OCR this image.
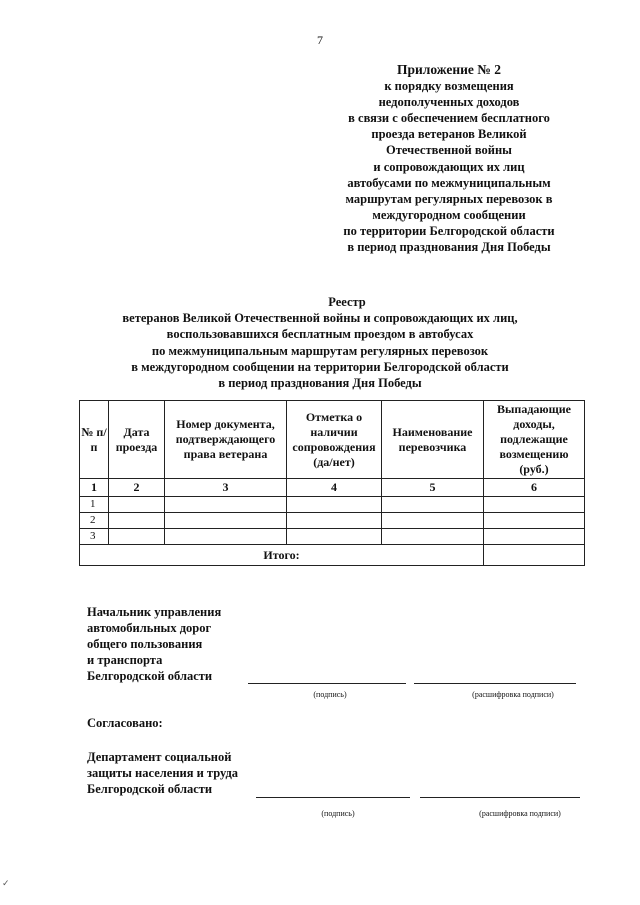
7
Приложение № 2
к порядку возмещения
недополученных доходов
в связи с обеспечением бесплатного
проезда ветеранов Великой
Отечественной войны
и сопровождающих их лиц
автобусами по межмуниципальным
маршрутам регулярных перевозок в
междугородном сообщении
по территории Белгородской области
в период празднования Дня Победы
Реестр
ветеранов Великой Отечественной войны и сопровождающих их лиц,
воспользовавшихся бесплатным проездом в автобусах
по межмуниципальным маршрутам регулярных перевозок
в междугородном сообщении на территории Белгородской области
в период празднования Дня Победы
№ п/п	Дата проезда	Номер документа, подтверждающего права ветерана	Отметка о наличии сопровождения (да/нет)	Наименование перевозчика	Выпадающие доходы, подлежащие возмещению (руб.)
1	2	3	4	5	6
1					
2					
3					
Итого:					
Начальник управления
автомобильных дорог
общего пользования
и транспорта
Белгородской области
(подпись)	(расшифровка подписи)
Согласовано:
Департамент социальной
защиты населения и труда
Белгородской области
(подпись)	(расшифровка подписи)
✓
